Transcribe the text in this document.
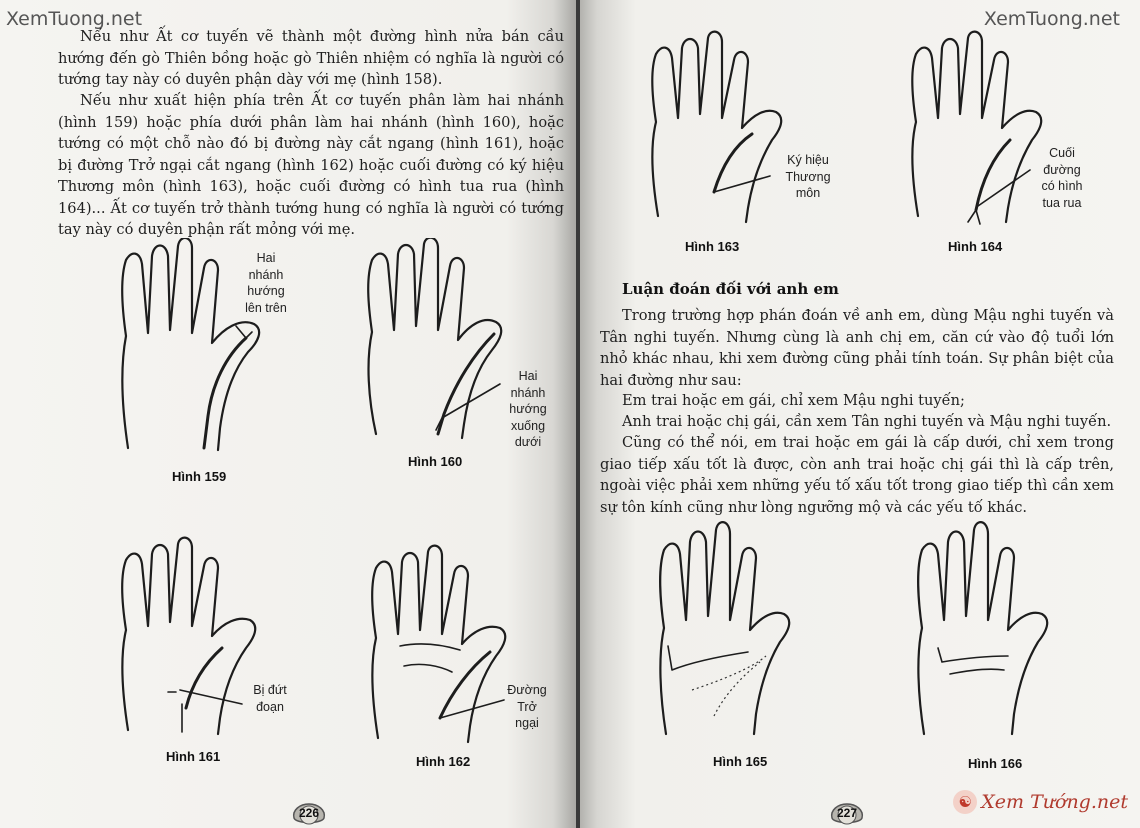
XemTuong.net

Nếu như Ất cơ tuyến vẽ thành một đường hình nửa bán cầu hướng đến gò Thiên bồng hoặc gò Thiên nhiệm có nghĩa là người có tướng tay này có duyên phận dày với mẹ (hình 158).

Nếu như xuất hiện phía trên Ất cơ tuyến phân làm hai nhánh (hình 159) hoặc phía dưới phân làm hai nhánh (hình 160), hoặc tướng có một chỗ nào đó bị đường này cắt ngang (hình 161), hoặc bị đường Trở ngại cắt ngang (hình 162) hoặc cuối đường có ký hiệu Thương môn (hình 163), hoặc cuối đường có hình tua rua (hình 164)... Ất cơ tuyến trở thành tướng hung có nghĩa là người có tướng tay này có duyên phận rất mỏng với mẹ.

Hai nhánh hướng lên trên
Hình 159
Hai nhánh hướng xuống dưới
Hình 160
Bị đứt đoạn
Hình 161
Đường Trở ngại
Hình 162
226
XemTuong.net
Ký hiệu Thương môn
Hình 163
Cuối đường có hình tua rua
Hình 164
Luận đoán đối với anh em

Trong trường hợp phán đoán về anh em, dùng Mậu nghi tuyến và Tân nghi tuyến. Nhưng cùng là anh chị em, căn cứ vào độ tuổi lớn nhỏ khác nhau, khi xem đường cũng phải tính toán. Sự phân biệt của hai đường như sau:

Em trai hoặc em gái, chỉ xem Mậu nghi tuyến;

Anh trai hoặc chị gái, cần xem Tân nghi tuyến và Mậu nghi tuyến.

Cũng có thể nói, em trai hoặc em gái là cấp dưới, chỉ xem trong giao tiếp xấu tốt là được, còn anh trai hoặc chị gái thì là cấp trên, ngoài việc phải xem những yếu tố xấu tốt trong giao tiếp thì cần xem sự tôn kính cũng như lòng ngưỡng mộ và các yếu tố khác.

Hình 165	Hình 166
227
☯ Xem Tướng.net
